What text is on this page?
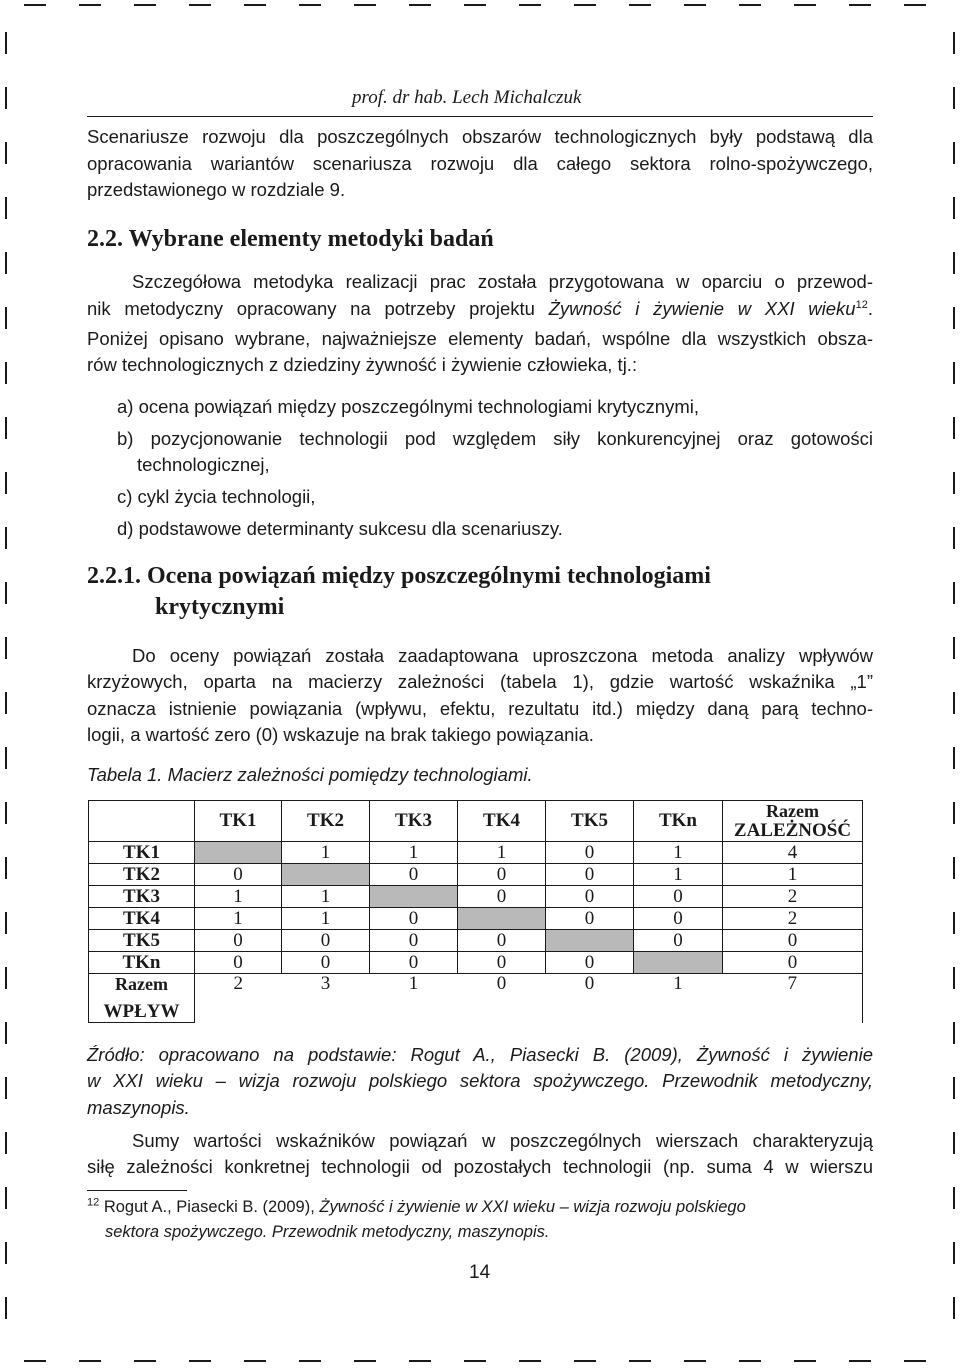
prof. dr hab. Lech Michalczuk
Scenariusze rozwoju dla poszczególnych obszarów technologicznych były podstawą dla
opracowania wariantów scenariusza rozwoju dla całego sektora rolno-spożywczego,
przedstawionego w rozdziale 9.
2.2. Wybrane elementy metodyki badań
Szczegółowa metodyka realizacji prac została przygotowana w oparciu o przewod-
nik metodyczny opracowany na potrzeby projektu Żywność i żywienie w XXI wieku$^{12}$.
Poniżej opisano wybrane, najważniejsze elementy badań, wspólne dla wszystkich obsza-
rów technologicznych z dziedziny żywność i żywienie człowieka, tj.:
a) ocena powiązań między poszczególnymi technologiami krytycznymi,
b) pozycjonowanie technologii pod względem siły konkurencyjnej oraz gotowości
technologicznej,
c) cykl życia technologii,
d) podstawowe determinanty sukcesu dla scenariuszy.
2.2.1. Ocena powiązań między poszczególnymi technologiami
krytycznymi
Do oceny powiązań została zaadaptowana uproszczona metoda analizy wpływów
krzyżowych, oparta na macierzy zależności (tabela 1), gdzie wartość wskaźnika „1”
oznacza istnienie powiązania (wpływu, efektu, rezultatu itd.) między daną parą techno-
logii, a wartość zero (0) wskazuje na brak takiego powiązania.
Tabela 1. Macierz zależności pomiędzy technologiami.
	TK1	TK2	TK3	TK4	TK5	TKn	Razem
ZALEŻNOŚĆ

TK1		1	1	1	0	1	4
TK2	0		0	0	0	1	1
TK3	1	1		0	0	0	2
TK4	1	1	0		0	0	2
TK5	0	0	0	0		0	0
TKn	0	0	0	0	0		0

Razem
WPŁYW	2	3	1	0	0	1	7
Źródło: opracowano na podstawie: Rogut A., Piasecki B. (2009), Żywność i żywienie
w XXI wieku – wizja rozwoju polskiego sektora spożywczego. Przewodnik metodyczny,
maszynopis.
Sumy wartości wskaźników powiązań w poszczególnych wierszach charakteryzują
siłę zależności konkretnej technologii od pozostałych technologii (np. suma 4 w wierszu
$^{12}$ Rogut A., Piasecki B. (2009), Żywność i żywienie w XXI wieku – wizja rozwoju polskiego
sektora spożywczego. Przewodnik metodyczny, maszynopis.
14
